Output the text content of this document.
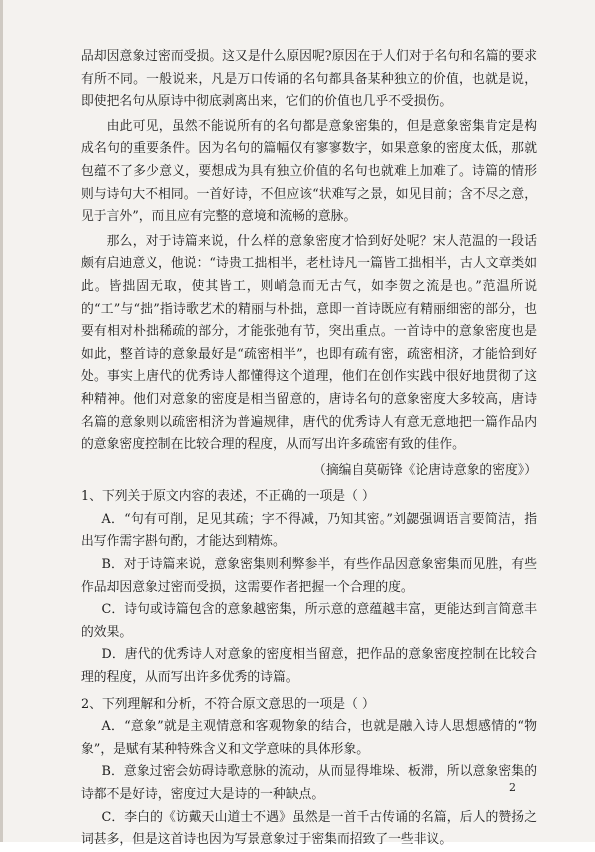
品却因意象过密而受损。这又是什么原因呢?原因在于人们对于名句和名篇的要求有所不同。一般说来，凡是万口传诵的名句都具备某种独立的价值，也就是说，即使把名句从原诗中彻底剥离出来，它们的价值也几乎不受损伤。

由此可见，虽然不能说所有的名句都是意象密集的，但是意象密集肯定是构成名句的重要条件。因为名句的篇幅仅有寥寥数字，如果意象的密度太低，那就包蕴不了多少意义，要想成为具有独立价值的名句也就难上加难了。诗篇的情形则与诗句大不相同。一首好诗，不但应该“状难写之景，如见目前；含不尽之意，见于言外”，而且应有完整的意境和流畅的意脉。

那么，对于诗篇来说，什么样的意象密度才恰到好处呢？宋人范温的一段话颇有启迪意义，他说：“诗贵工拙相半，老杜诗凡一篇皆工拙相半，古人文章类如此。皆拙固无取，使其皆工，则峭急而无古气，如李贺之流是也。”范温所说的“工”与“拙”指诗歌艺术的精丽与朴拙，意即一首诗既应有精丽细密的部分，也要有相对朴拙稀疏的部分，才能张弛有节，突出重点。一首诗中的意象密度也是如此，整首诗的意象最好是“疏密相半”，也即有疏有密，疏密相济，才能恰到好处。事实上唐代的优秀诗人都懂得这个道理，他们在创作实践中很好地贯彻了这种精神。他们对意象的密度是相当留意的，唐诗名句的意象密度大多较高，唐诗名篇的意象则以疏密相济为普遍规律，唐代的优秀诗人有意无意地把一篇作品内的意象密度控制在比较合理的程度，从而写出许多疏密有致的佳作。

（摘编自莫砺锋《论唐诗意象的密度》）

1、下列关于原文内容的表述，不正确的一项是（ ）

A．“句有可削，足见其疏；字不得减，乃知其密。”刘勰强调语言要简洁，指出写作需字斟句酌，才能达到精炼。

B．对于诗篇来说，意象密集则利弊参半，有些作品因意象密集而见胜，有些作品却因意象过密而受损，这需要作者把握一个合理的度。

C．诗句或诗篇包含的意象越密集，所示意的意蕴越丰富，更能达到言简意丰的效果。

D．唐代的优秀诗人对意象的密度相当留意，把作品的意象密度控制在比较合理的程度，从而写出许多优秀的诗篇。

2、下列理解和分析，不符合原文意思的一项是（ ）

A．“意象”就是主观情意和客观物象的结合，也就是融入诗人思想感情的“物象”，是赋有某种特殊含义和文学意味的具体形象。

B．意象过密会妨碍诗歌意脉的流动，从而显得堆垛、板滞，所以意象密集的诗都不是好诗，密度过大是诗的一种缺点。

C．李白的《访戴天山道士不遇》虽然是一首千古传诵的名篇，后人的赞扬之词甚多，但是这首诗也因为写景意象过于密集而招致了一些非议。

2
